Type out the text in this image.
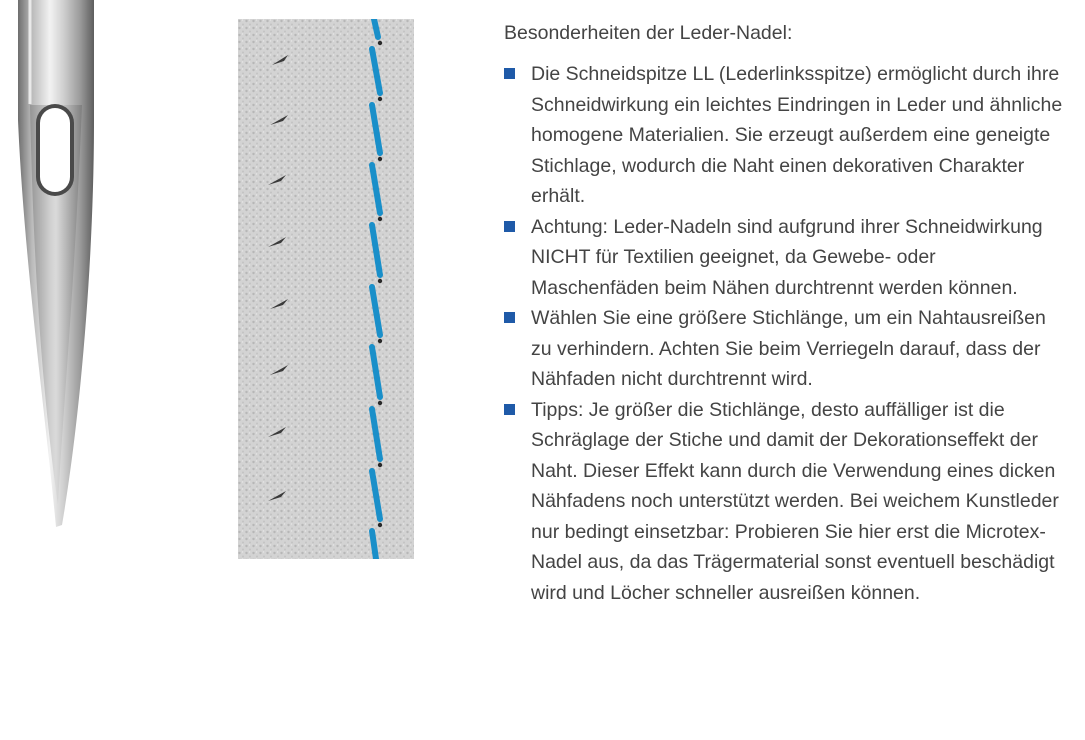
Besonderheiten der Leder-Nadel:

Die Schneidspitze LL (Lederlinksspitze) ermöglicht durch ihre Schneidwirkung ein leichtes Eindringen in Leder und ähnliche homogene Materialien. Sie erzeugt außerdem eine geneigte Stichlage, wodurch die Naht einen dekorativen Charakter erhält.
Achtung: Leder-Nadeln sind aufgrund ihrer Schneidwirkung NICHT für Textilien geeignet, da Gewebe- oder Maschenfäden beim Nähen durchtrennt werden können.
Wählen Sie eine größere Stichlänge, um ein Nahtausreißen zu verhindern. Achten Sie beim Verriegeln darauf, dass der Nähfaden nicht durchtrennt wird.
Tipps: Je größer die Stichlänge, desto auffälliger ist die Schräglage der Stiche und damit der Dekorationseffekt der Naht. Dieser Effekt kann durch die Verwendung eines dicken Nähfadens noch unterstützt werden. Bei weichem Kunstleder nur bedingt einsetzbar: Probieren Sie hier erst die Microtex-Nadel aus, da das Trägermaterial sonst eventuell beschädigt wird und Löcher schneller ausreißen können.
